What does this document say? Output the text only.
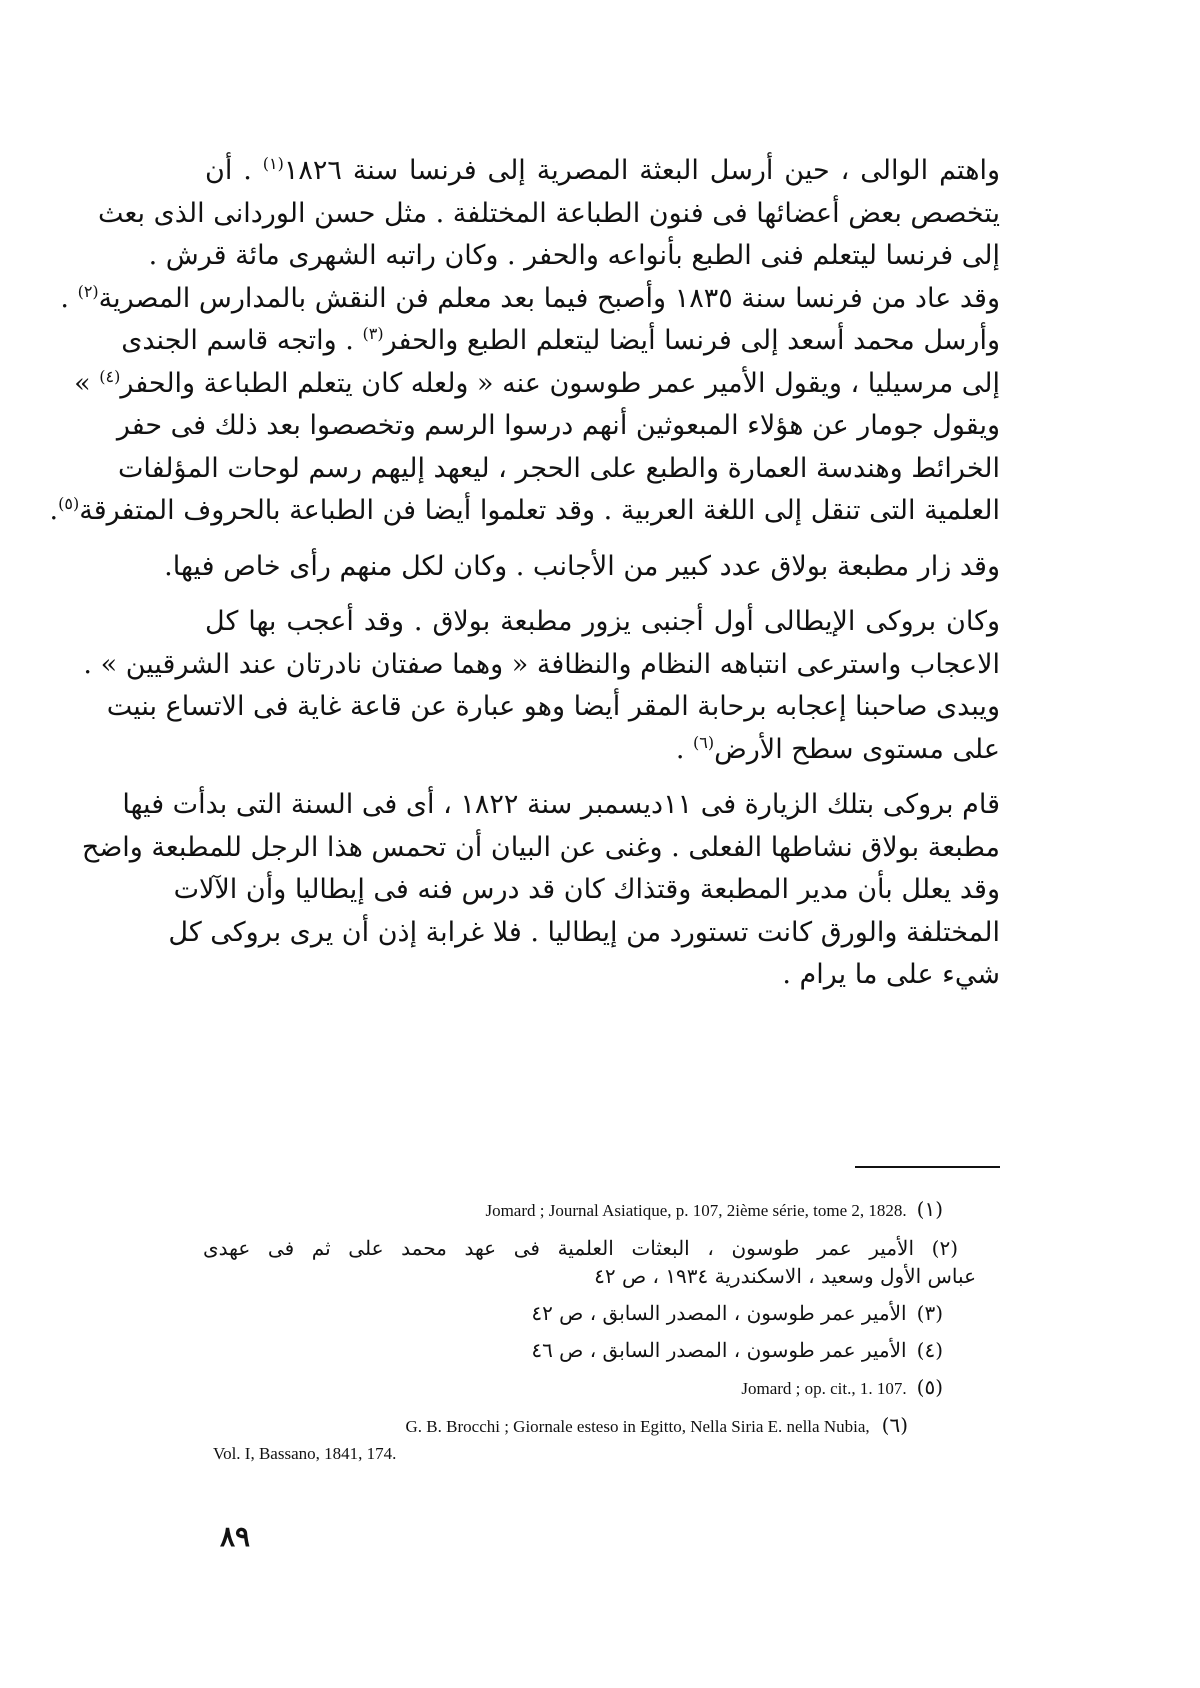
واهتم الوالى ، حين أرسل البعثة المصرية إلى فرنسا سنة ١٨٢٦$^{(١)}$ . أن
يتخصص بعض أعضائها فى فنون الطباعة المختلفة . مثل حسن الوردانى الذى بعث
إلى فرنسا ليتعلم فنى الطبع بأنواعه والحفر . وكان راتبه الشهرى مائة قرش .
وقد عاد من فرنسا سنة ١٨٣٥ وأصبح فيما بعد معلم فن النقش بالمدارس المصرية$^{(٢)}$ .
وأرسل محمد أسعد إلى فرنسا أيضا ليتعلم الطبع والحفر$^{(٣)}$ . واتجه قاسم الجندى
إلى مرسيليا ، ويقول الأمير عمر طوسون عنه « ولعله كان يتعلم الطباعة والحفر$^{(٤)}$ »
ويقول جومار عن هؤلاء المبعوثين أنهم درسوا الرسم وتخصصوا بعد ذلك فى حفر
الخرائط وهندسة العمارة والطبع على الحجر ، ليعهد إليهم رسم لوحات المؤلفات
العلمية التى تنقل إلى اللغة العربية . وقد تعلموا أيضا فن الطباعة بالحروف المتفرقة$^{(٥)}$.
وقد زار مطبعة بولاق عدد كبير من الأجانب . وكان لكل منهم رأى خاص فيها.
وكان بروكى الإيطالى أول أجنبى يزور مطبعة بولاق . وقد أعجب بها كل
الاعجاب واسترعى انتباهه النظام والنظافة « وهما صفتان نادرتان عند الشرقيين » .
ويبدى صاحبنا إعجابه برحابة المقر أيضا وهو عبارة عن قاعة غاية فى الاتساع بنيت
على مستوى سطح الأرض$^{(٦)}$ .
قام بروكى بتلك الزيارة فى ١١ديسمبر سنة ١٨٢٢ ، أى فى السنة التى بدأت فيها
مطبعة بولاق نشاطها الفعلى . وغنى عن البيان أن تحمس هذا الرجل للمطبعة واضح
وقد يعلل بأن مدير المطبعة وقتذاك كان قد درس فنه فى إيطاليا وأن الآلات
المختلفة والورق كانت تستورد من إيطاليا . فلا غرابة إذن أن يرى بروكى كل
شيء على ما يرام .
(١)
Jomard ; Journal Asiatique, p. 107, 2ième série, tome 2, 1828.
(٢) الأمير عمر طوسون ، البعثات العلمية فى عهد محمد على ثم فى عهدى
عباس الأول وسعيد ، الاسكندرية ١٩٣٤ ، ص ٤٢
(٣)
الأمير عمر طوسون ، المصدر السابق ، ص ٤٢
(٤)
الأمير عمر طوسون ، المصدر السابق ، ص ٤٦
(٥)
Jomard ; op. cit., 1. 107.
G. B. Brocchi ; Giornale esteso in Egitto, Nella Siria E. nella Nubia, (٦)
Vol. I, Bassano, 1841, 174.
٨٩
